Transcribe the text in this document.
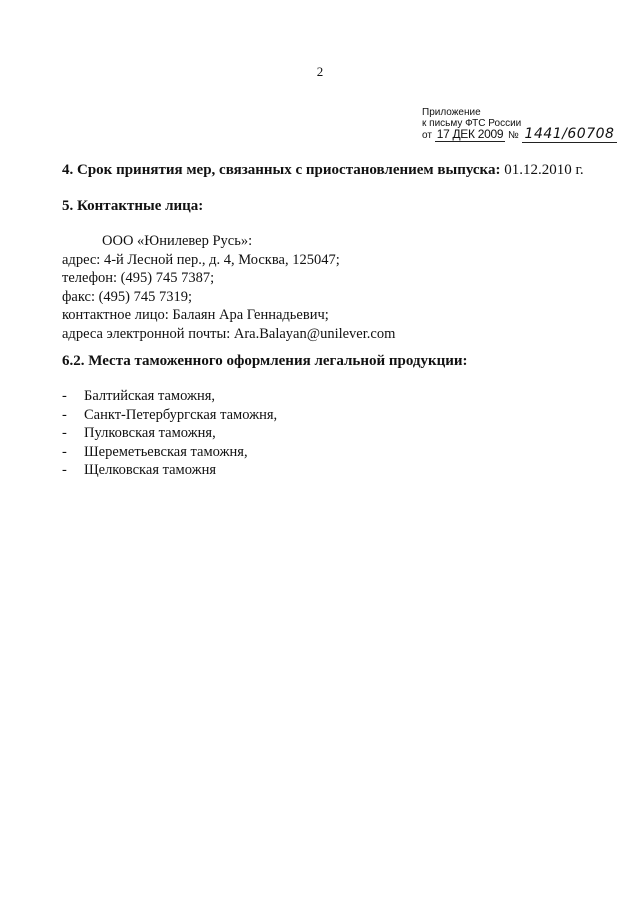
2
Приложение
к письму ФТС России
от 17 ДЕК 2009 № 1441/60708
4. Срок принятия мер, связанных с приостановлением выпуска: 01.12.2010 г.
5. Контактные лица:
ООО «Юнилевер Русь»:
адрес: 4-й Лесной пер., д. 4, Москва, 125047;
телефон: (495) 745 7387;
факс: (495) 745 7319;
контактное лицо: Балаян Ара Геннадьевич;
адреса электронной почты: Ara.Balayan@unilever.com
6.2. Места таможенного оформления легальной продукции:
-	Балтийская таможня,
-	Санкт-Петербургская таможня,
-	Пулковская таможня,
-	Шереметьевская таможня,
-	Щелковская таможня
